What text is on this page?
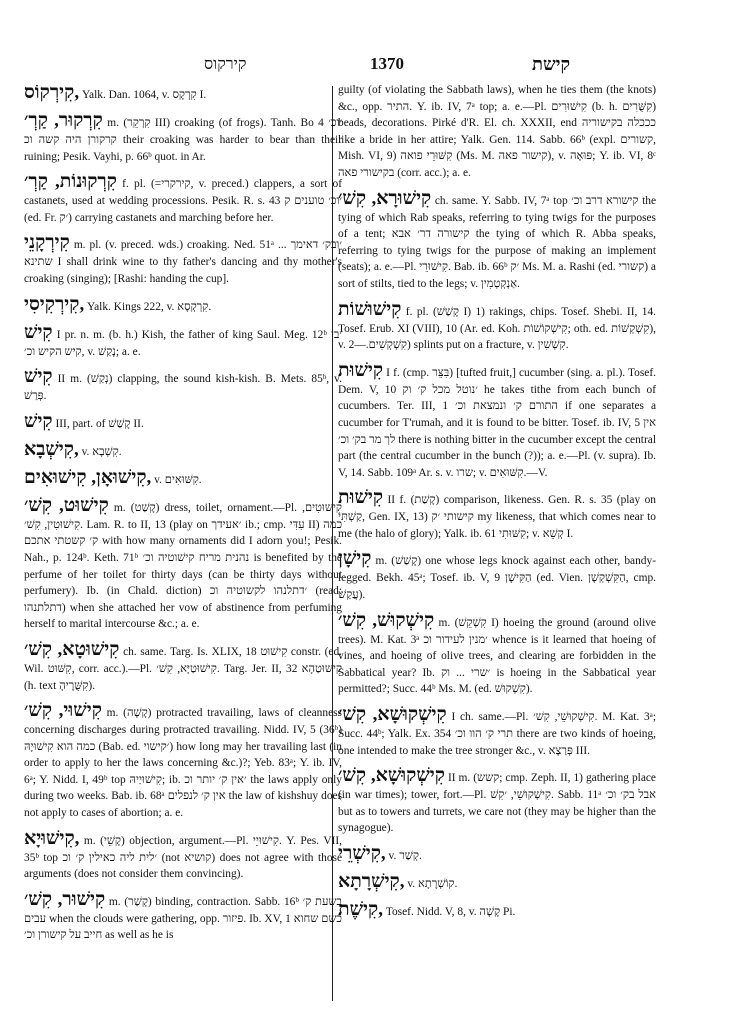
קירקוס	1370	קישת

קִירְקוֹס, Yalk. Dan. 1064, v. קִרְקָס I.

קִרְקוּר, קַרְ׳ m. (קִרְקֵר III) croaking (of frogs). Tanh. Bo 4 ׳וכ׳ קרקורן היה קשה וכ their croaking was harder to bear than their ruining; Pesik. Vayhi, p. 66ᵇ quot. in Ar.

קִרְקוּנוֹת, קַרְ׳ f. pl. (=קירקרי, v. preced.) clappers, a sort of castanets, used at wedding processions. Pesik. R. s. 43 ׳וכ׳ טוענים ק (ed. Fr. ׳ק) carrying castanets and marching before her.

קִירְקָנֵי m. pl. (v. preced. wds.) croaking. Ned. 51ᵃ ׳ובק׳ דאימך ... שתינא I shall drink wine to thy father's dancing and thy mother's croaking (singing); [Rashi: handing the cup].

קִירְקִיסִי, Yalk. Kings 222, v. קִרְקְסָא.

קִישׁ I pr. n. m. (b. h.) Kish, the father of king Saul. Meg. 12ᵇ ׳בן קיש הקיש וכ׳, v. נָקַשׁ; a. e.

קִישׁ II m. (נְקַשׁ) clapping, the sound kish-kish. B. Mets. 85ᵇ, v. פְּרַשׁ.

קִישׁ III, part. of קָשַׁשׁ II.

קִישְׁבָא, v. קִשְׁבָא.

קִישׁוּאָן, קִישׁוּאִים, v. קִשּׁוּאִים.

קִישׁוּט, קִשׁ׳ m. (קָשַׁט) dress, toilet, ornament.—Pl. קִישׁוּטִים, קִישׁוּטִין, קִשׁ׳. Lam. R. to II, 13 (play on ׳אעידך ib.; cmp. עִדִּי II) כמה ק׳ קשטתי אתכם with how many ornaments did I adorn you!; Pesik. Nah., p. 124ᵇ. Keth. 71ᵇ נהנית מריח קישׁוטיה וכ׳ is benefited by the perfume of her toilet for thirty days (can be thirty days without perfumery). Ib. (in Chald. diction) ׳דתלנהו לקשוטיה וכ (read: דתלתנהו) when she attached her vow of abstinence from perfuming herself to marital intercourse &c.; a. e.

קִישׁוּטָא, קִשׁ׳ ch. same. Targ. Is. XLIX, 18 קִישׁוּט constr. (ed. Wil. קִשּׁוּט, corr. acc.).—Pl. קִישׁוּטַיָּא, קִשׁ׳. Targ. Jer. II, 32 קִישׁוּטַהָא (h. text קִשֻּׁרֶיהָ).

קִישׁוּי, קִשׁ׳ m. (קָשָׁה) protracted travailing, laws of cleanness concerning discharges during protracted travailing. Nidd. IV, 5 (36ᵇ) כמה הוא קִישׁוּיָהּ (Bab. ed. ׳קישוי) how long may her travailing last (in order to apply to her the laws concerning &c.)?; Yeb. 83ᵃ; Y. ib. IV, 6ᵃ; Y. Nidd. I, 49ᵇ top קִישׁוּיַיהּ; ib. ׳אין ק׳ יותר וכ the laws apply only during two weeks. Bab. ib. 68ᵃ אין ק׳ לנפלים the law of kishshuy does not apply to cases of abortion; a. e.

קִישׁוּיָא, m. (קָשֵׁי) objection, argument.—Pl. קִישׁוּיֵי. Y. Pes. VII, 35ᵇ top ׳לית ליה כאילין ק׳ וכ (not קושיא) does not agree with those arguments (does not consider them convincing).

קִישׁוּר, קִשׁ׳ m. (קָשַׁר) binding, contraction. Sabb. 16ᵇ בשעת ק׳ עבים when the clouds were gathering, opp. פיזור. Ib. XV, 1 כשם שחוא חייב על קישורן וכ׳ as well as he is

guilty (of violating the Sabbath laws), when he ties them (the knots) &c., opp. התיר. Y. ib. IV, 7ᵃ top; a. e.—Pl. קִישׁוּרִים (b. h. קִשֻּׁרִים) beads, decorations. Pirké d'R. El. ch. XXXII, end כככלה בקישוריה like a bride in her attire; Yalk. Gen. 114. Sabb. 66ᵇ (expl. קשורים, Mish. VI, 9) קִשּׁוּרֵי פואה (Ms. M. קישור פאה), v. פּוּאָה; Y. ib. VI, 8ᶜ בקישורי פאה (corr. acc.); a. e.

קִישׁוּרָא, קִשׁ׳ ch. same. Y. Sabb. IV, 7ᵃ top קישורא דרב וכ׳ the tying of which Rab speaks, referring to tying twigs for the purposes of a tent; קישורה דר׳ אבא the tying of which R. Abba speaks, referring to tying twigs for the purpose of making an implement (seats); a. e.—Pl. קִישׁוּרֵי. Bab. ib. 66ᵇ ׳ק Ms. M. a. Rashi (ed. קשורי) a sort of stilts, tied to the legs; v. אַנְקְטְמִין.

קִישׁוּשׁוֹת f. pl. (קָשַׁשׁ I) 1) rakings, chips. Tosef. Shebi. II, 14. Tosef. Erub. XI (VIII), 10 (Ar. ed. Koh. קִישְׁקוֹשׁוֹת; oth. ed. קִשְׁקְשׁוֹת), v. קִשְׁקְשִׁים.—2) splints put on a fracture, v. קִשְׁשִׁין.

קִישׁוּת I f. (cmp. בִּצֵּר) [tufted fruit,] cucumber (sing. a. pl.). Tosef. Dem. V, 10 ׳נוטל מכל ק׳ וק he takes tithe from each bunch of cucumbers. Ter. III, 1 התורם ק׳ ונמצאת וכ׳ if one separates a cucumber for T'rumah, and it is found to be bitter. Tosef. ib. IV, 5 אין לך מר בק׳ וכ׳ there is nothing bitter in the cucumber except the central part (the central cucumber in the bunch (?)); a. e.—Pl. (v. supra). Ib. V, 14. Sabb. 109ᵃ Ar. s. v. שרו; v. קִשּׁוּאִים.—V.

קִישׁוּת II f. (קָשַׁת) comparison, likeness. Gen. R. s. 35 (play on קַשְׁתִּי, Gen. IX, 13) קישותי ׳ק my likeness, that which comes near to me (the halo of glory); Yalk. ib. 61 קִשּׁוּתִי; v. קְשֵׁא I.

קִישָׁן m. (קָשַׁשׁ) one whose legs knock against each other, bandy-legged. Bekh. 45ᵃ; Tosef. ib. V, 9 הַקִּישָׁן (ed. Vien. הַקִּשְׁקְשָׁן, cmp. עֲקַשׁ).

קִישְׁקוּשׁ, קִשׁ׳ m. (קִשְׁקֵשׁ I) hoeing the ground (around olive trees). M. Kat. 3ᵃ ׳מנין לעידור וכ whence is it learned that hoeing of vines, and hoeing of olive trees, and clearing are forbidden in the Sabbatical year? Ib. ׳שרי ... וק is hoeing in the Sabbatical year permitted?; Succ. 44ᵇ Ms. M. (ed. קִשְׁקוּשׁ).

קִישְׁקוּשָׁא, קִשׁ׳ I ch. same.—Pl. קִישְׁקוּשֵׁי, קִשׁ׳. M. Kat. 3ᵃ; Succ. 44ᵇ; Yalk. Ex. 354 תרי ק׳ הוו וכ׳ there are two kinds of hoeing, one intended to make the tree stronger &c., v. פְּרַצָא III.

קִישְׁקוּשָׁא, קִשׁ׳ II m. (קשש; cmp. Zeph. II, 1) gathering place (in war times); tower, fort.—Pl. קִישְׁקוּשֵׁי, ׳קִשׁ. Sabb. 11ᵃ אבל בק׳ וכ׳ but as to towers and turrets, we care not (they may be higher than the synagogue).

קִישְׁרֵי, v. קְשַׁר.

קִישְׁרָתָא, v. קוֹשְׁרָתָא.

קִישֶׁת, Tosef. Nidd. V, 8, v. קָשָׁה Pi.
